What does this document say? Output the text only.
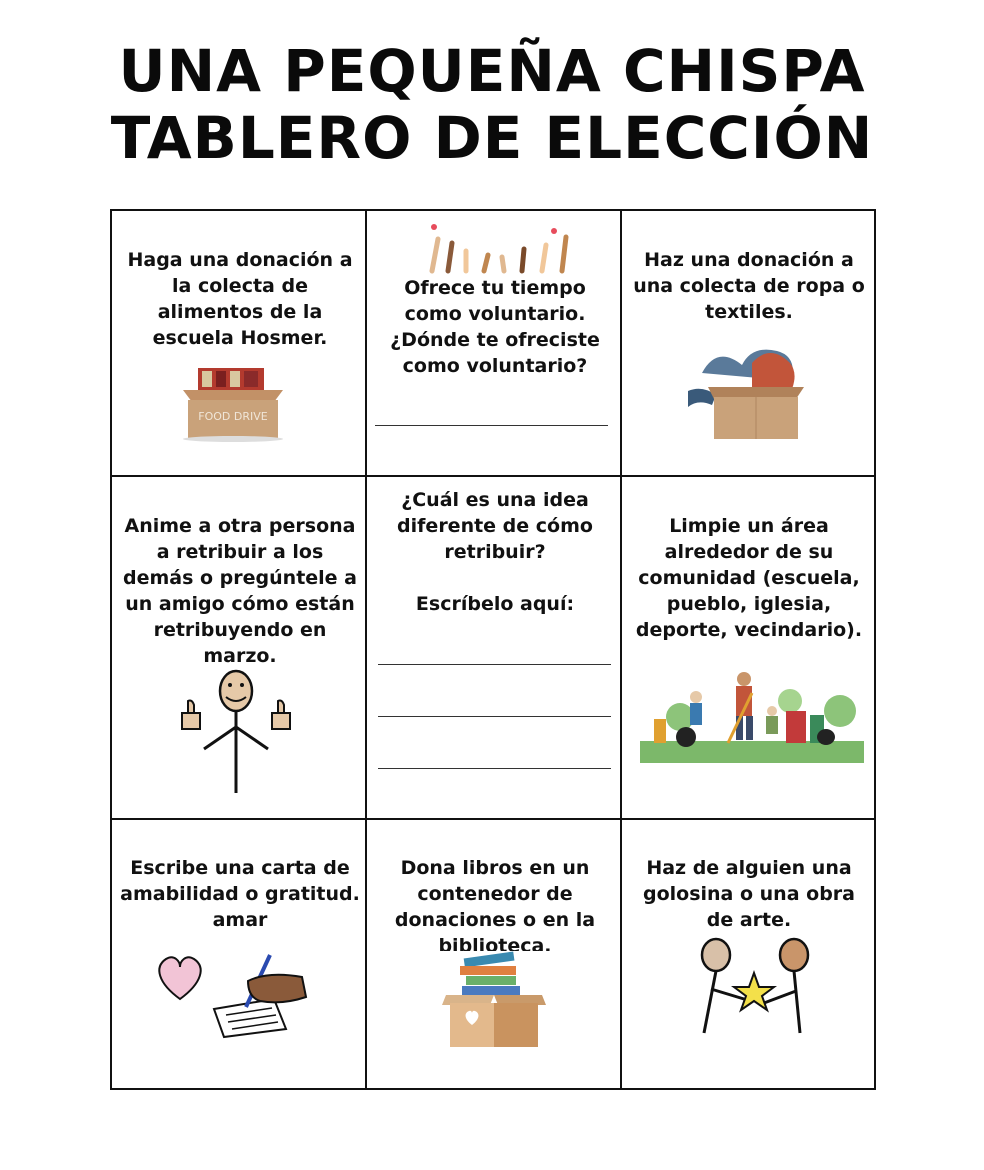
UNA PEQUEÑA CHISPA
TABLERO DE ELECCIÓN
Haga una donación a la colecta de alimentos de la escuela Hosmer.
FOOD DRIVE
Ofrece tu tiempo como voluntario. ¿Dónde te ofreciste como voluntario?
Haz una donación a una colecta de ropa o textiles.
Anime a otra persona a retribuir a los demás o pregúntele a un amigo cómo están retribuyendo en marzo.
¿Cuál es una idea diferente de cómo retribuir?
Escríbelo aquí:
Limpie un área alrededor de su comunidad (escuela, pueblo, iglesia, deporte, vecindario).
Escribe una carta de amabilidad o gratitud. amar
Dona libros en un contenedor de donaciones o en la biblioteca.
Haz de alguien una golosina o una obra de arte.
